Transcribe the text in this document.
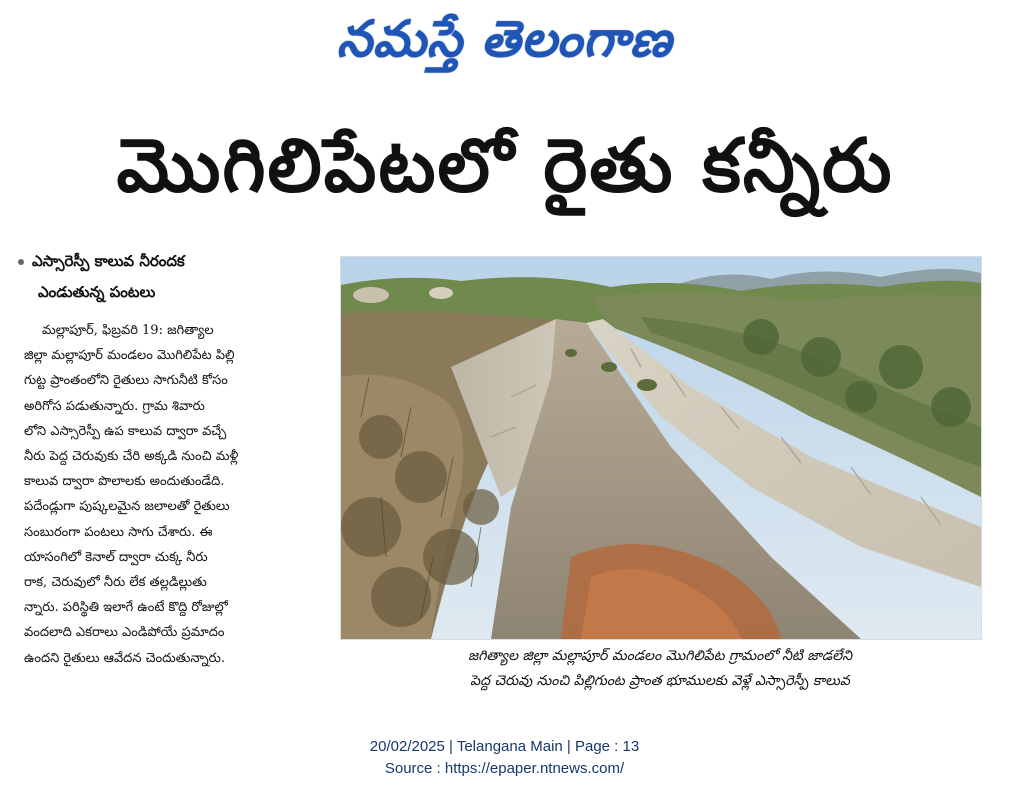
నమస్తే తెలంగాణ
మొగిలిపేటలో రైతు కన్నీరు
ఎస్సారెస్పీ కాలువ నీరందక
ఎండుతున్న పంటలు
మల్లాపూర్, ఫిబ్రవరి 19: జగిత్యాల
జిల్లా మల్లాపూర్ మండలం మొగిలిపేట పిల్లి
గుట్ట ప్రాంతంలోని రైతులు సాగునీటి కోసం
అరిగోస పడుతున్నారు. గ్రామ శివారు
లోని ఎస్సారెస్పీ ఉప కాలువ ద్వారా వచ్చే
నీరు పెద్ద చెరువుకు చేరి అక్కడి నుంచి మళ్లీ
కాలువ ద్వారా పొలాలకు అందుతుండేది.
పదేండ్లుగా పుష్కలమైన జలాలతో రైతులు
సంబురంగా పంటలు సాగు చేశారు. ఈ
యాసంగిలో కెనాల్ ద్వారా చుక్క నీరు
రాక, చెరువులో నీరు లేక తల్లడిల్లుతు
న్నారు. పరిస్థితి ఇలాగే ఉంటే కొద్ది రోజుల్లో
వందలాది ఎకరాలు ఎండిపోయే ప్రమాదం
ఉందని రైతులు ఆవేదన చెందుతున్నారు.	జగిత్యాల జిల్లా మల్లాపూర్ మండలం మొగిలిపేట గ్రామంలో నీటి జాడలేని
పెద్ద చెరువు నుంచి పిల్లిగుంట ప్రాంత భూములకు వెళ్లే ఎస్సారెస్పీ కాలువ
20/02/2025 | Telangana Main | Page : 13
Source : https://epaper.ntnews.com/
